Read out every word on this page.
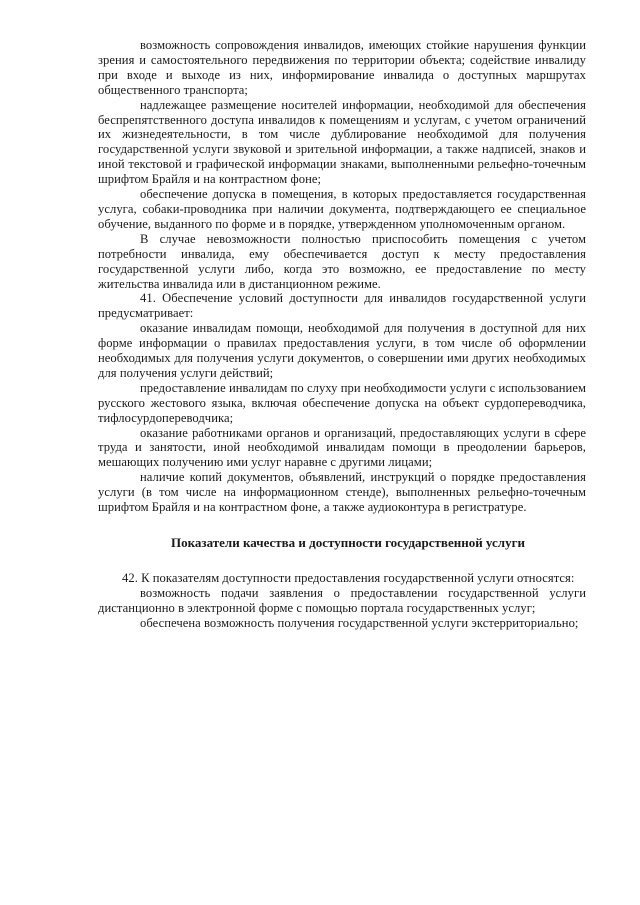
возможность сопровождения инвалидов, имеющих стойкие нарушения функции зрения и самостоятельного передвижения по территории объекта; содействие инвалиду при входе и выходе из них, информирование инвалида о доступных маршрутах общественного транспорта;

надлежащее размещение носителей информации, необходимой для обеспечения беспрепятственного доступа инвалидов к помещениям и услугам, с учетом ограничений их жизнедеятельности, в том числе дублирование необходимой для получения государственной услуги звуковой и зрительной информации, а также надписей, знаков и иной текстовой и графической информации знаками, выполненными рельефно-точечным шрифтом Брайля и на контрастном фоне;

обеспечение допуска в помещения, в которых предоставляется государственная услуга, собаки-проводника при наличии документа, подтверждающего ее специальное обучение, выданного по форме и в порядке, утвержденном уполномоченным органом.

В случае невозможности полностью приспособить помещения с учетом потребности инвалида, ему обеспечивается доступ к месту предоставления государственной услуги либо, когда это возможно, ее предоставление по месту жительства инвалида или в дистанционном режиме.

41. Обеспечение условий доступности для инвалидов государственной услуги предусматривает:

оказание инвалидам помощи, необходимой для получения в доступной для них форме информации о правилах предоставления услуги, в том числе об оформлении необходимых для получения услуги документов, о совершении ими других необходимых для получения услуги действий;

предоставление инвалидам по слуху при необходимости услуги с использованием русского жестового языка, включая обеспечение допуска на объект сурдопереводчика, тифлосурдопереводчика;

оказание работниками органов и организаций, предоставляющих услуги в сфере труда и занятости, иной необходимой инвалидам помощи в преодолении барьеров, мешающих получению ими услуг наравне с другими лицами;

наличие копий документов, объявлений, инструкций о порядке предоставления услуги (в том числе на информационном стенде), выполненных рельефно-точечным шрифтом Брайля и на контрастном фоне, а также аудиоконтура в регистратуре.

Показатели качества и доступности государственной услуги

42. К показателям доступности предоставления государственной услуги относятся:

возможность подачи заявления о предоставлении государственной услуги дистанционно в электронной форме с помощью портала государственных услуг;

обеспечена возможность получения государственной услуги экстерриториально;
